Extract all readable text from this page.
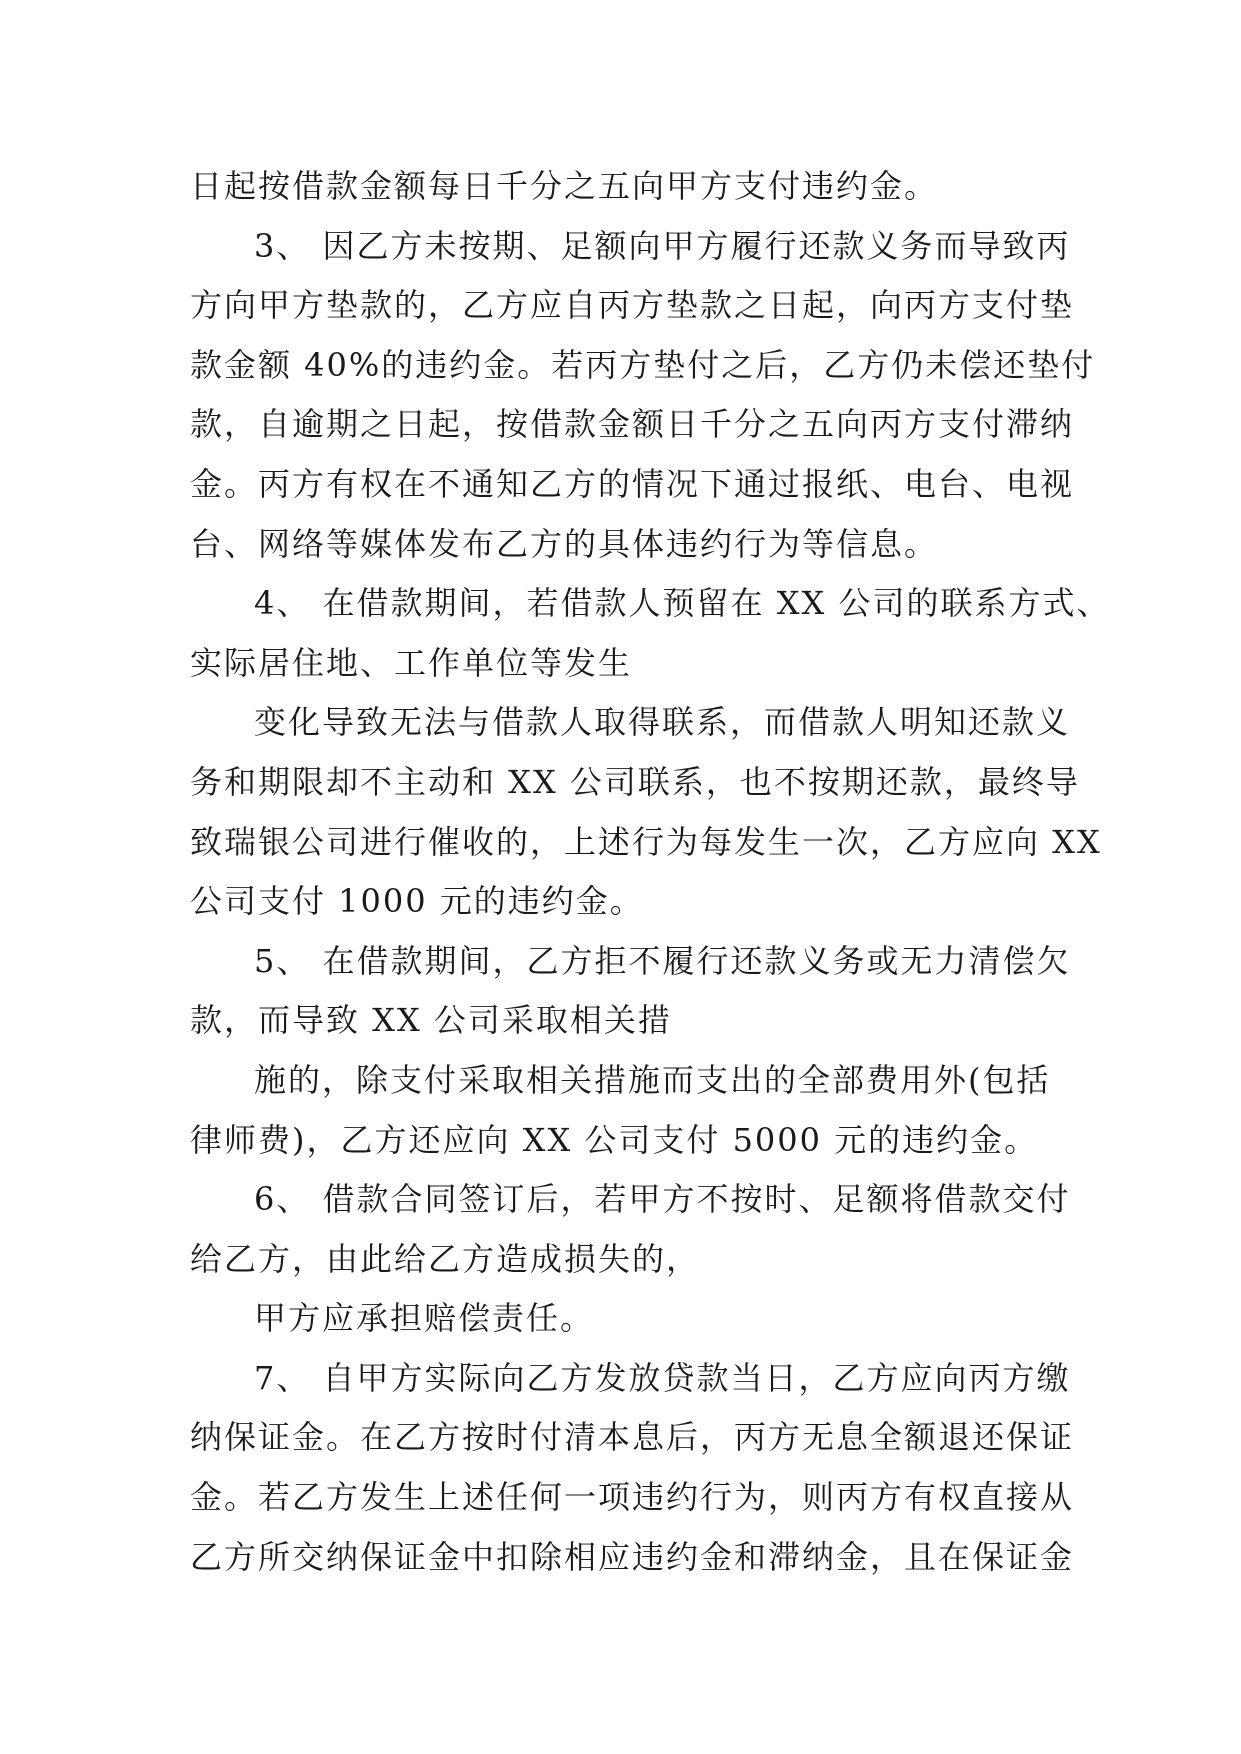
日起按借款金额每日千分之五向甲方支付违约金。
3、 因乙方未按期、足额向甲方履行还款义务而导致丙
方向甲方垫款的，乙方应自丙方垫款之日起，向丙方支付垫
款金额 40%的违约金。若丙方垫付之后，乙方仍未偿还垫付
款，自逾期之日起，按借款金额日千分之五向丙方支付滞纳
金。丙方有权在不通知乙方的情况下通过报纸、电台、电视
台、网络等媒体发布乙方的具体违约行为等信息。
4、 在借款期间，若借款人预留在 XX 公司的联系方式、
实际居住地、工作单位等发生
变化导致无法与借款人取得联系，而借款人明知还款义
务和期限却不主动和 XX 公司联系，也不按期还款，最终导
致瑞银公司进行催收的，上述行为每发生一次，乙方应向 XX
公司支付 1000 元的违约金。
5、 在借款期间，乙方拒不履行还款义务或无力清偿欠
款，而导致 XX 公司采取相关措
施的，除支付采取相关措施而支出的全部费用外(包括
律师费)，乙方还应向 XX 公司支付 5000 元的违约金。
6、 借款合同签订后，若甲方不按时、足额将借款交付
给乙方，由此给乙方造成损失的，
甲方应承担赔偿责任。
7、 自甲方实际向乙方发放贷款当日，乙方应向丙方缴
纳保证金。在乙方按时付清本息后，丙方无息全额退还保证
金。若乙方发生上述任何一项违约行为，则丙方有权直接从
乙方所交纳保证金中扣除相应违约金和滞纳金，且在保证金
